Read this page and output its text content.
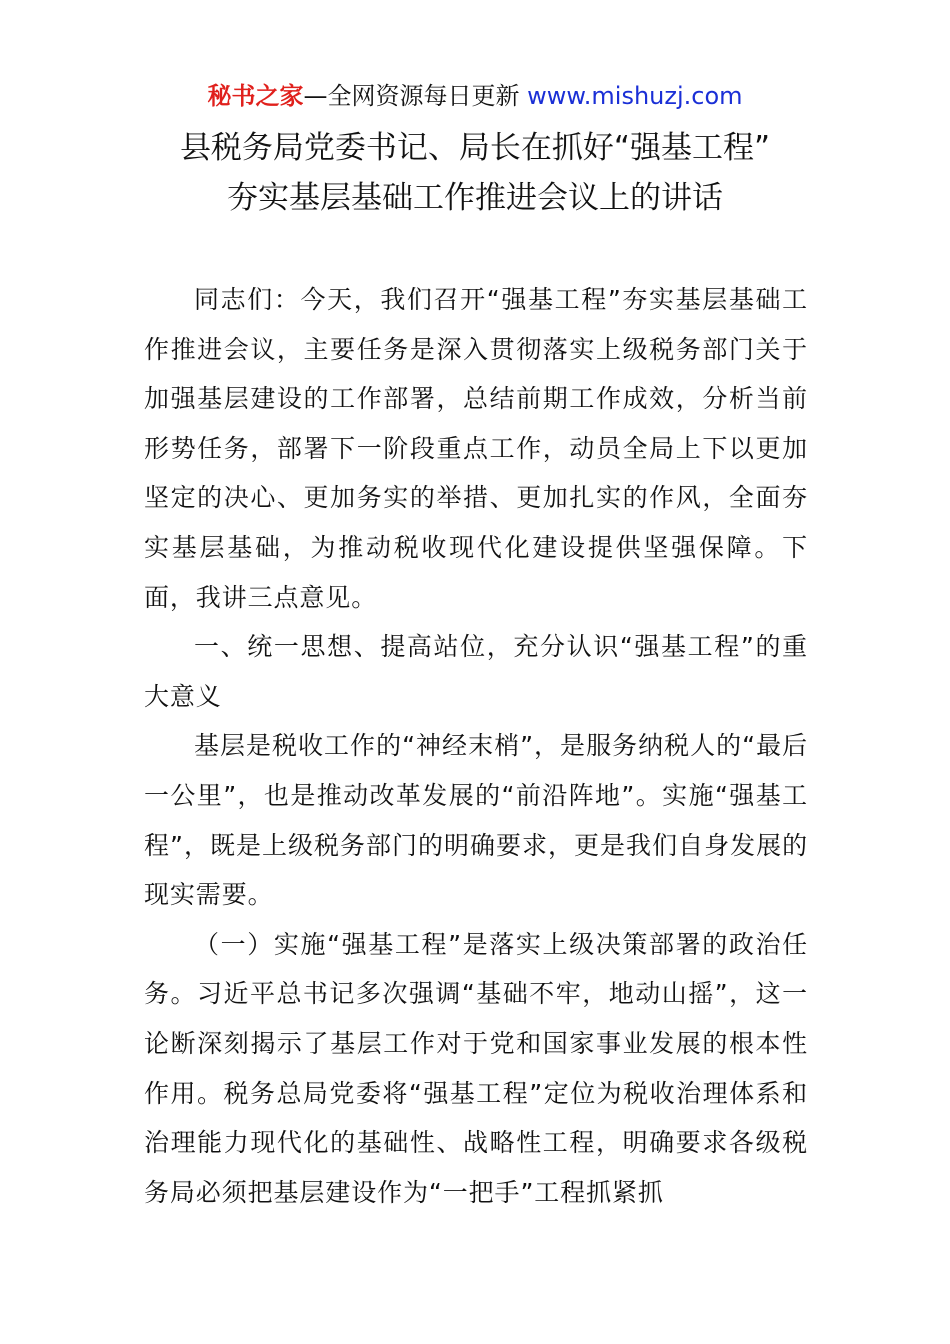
秘书之家—全网资源每日更新 www.mishuzj.com
县税务局党委书记、局长在抓好“强基工程”
夯实基层基础工作推进会议上的讲话

同志们：今天，我们召开“强基工程”夯实基层基础工作推进会议，主要任务是深入贯彻落实上级税务部门关于加强基层建设的工作部署，总结前期工作成效，分析当前形势任务，部署下一阶段重点工作，动员全局上下以更加坚定的决心、更加务实的举措、更加扎实的作风，全面夯实基层基础，为推动税收现代化建设提供坚强保障。下面，我讲三点意见。

一、统一思想、提高站位，充分认识“强基工程”的重大意义

基层是税收工作的“神经末梢”，是服务纳税人的“最后一公里”，也是推动改革发展的“前沿阵地”。实施“强基工程”，既是上级税务部门的明确要求，更是我们自身发展的现实需要。

（一）实施“强基工程”是落实上级决策部署的政治任务。习近平总书记多次强调“基础不牢，地动山摇”，这一论断深刻揭示了基层工作对于党和国家事业发展的根本性作用。税务总局党委将“强基工程”定位为税收治理体系和治理能力现代化的基础性、战略性工程，明确要求各级税务局必须把基层建设作为“一把手”工程抓紧抓
